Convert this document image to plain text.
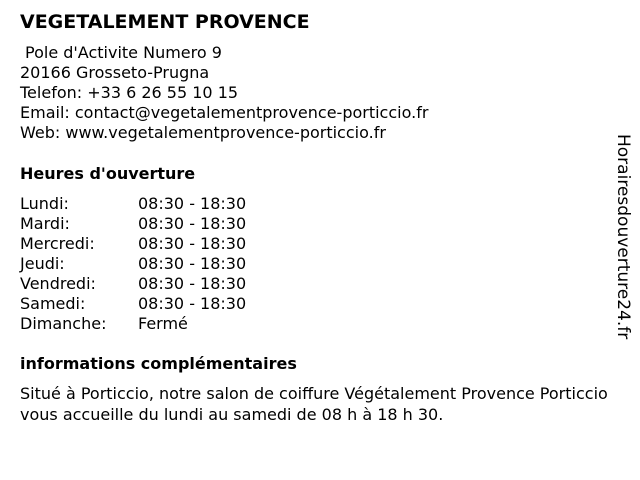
VEGETALEMENT PROVENCE
Pole d'Activite Numero 9
20166 Grosseto-Prugna
Telefon: +33 6 26 55 10 15
Email: contact@vegetalementprovence-porticcio.fr
Web: www.vegetalementprovence-porticcio.fr
Heures d'ouverture
Lundi:	08:30 - 18:30
Mardi:	08:30 - 18:30
Mercredi:	08:30 - 18:30
Jeudi:	08:30 - 18:30
Vendredi:	08:30 - 18:30
Samedi:	08:30 - 18:30
Dimanche: Fermé
informations complémentaires

Situé à Porticcio, notre salon de coiffure Végétalement Provence Porticcio vous accueille du lundi au samedi de 08 h à 18 h 30.

Horairesdouverture24.fr
